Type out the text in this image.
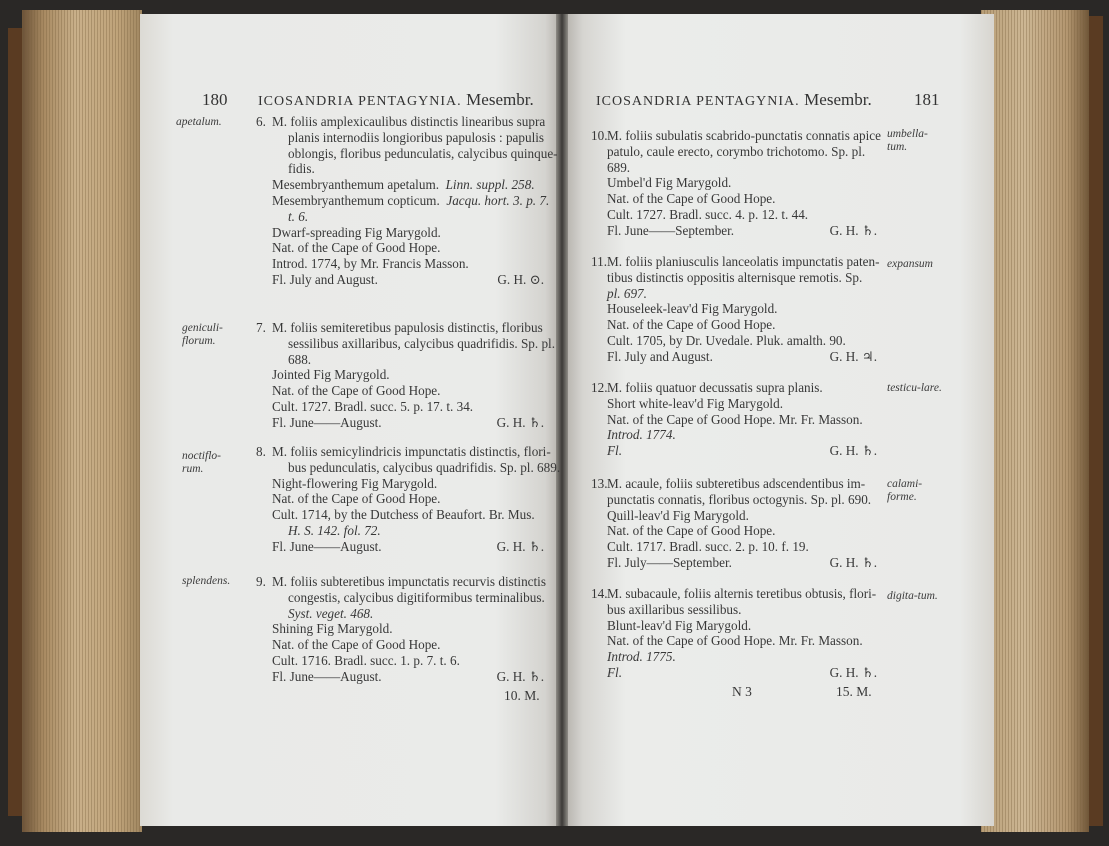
180 ICOSANDRIA PENTAGYNIA. Mesembr.	ICOSANDRIA PENTAGYNIA. Mesembr. 181
apetalum.	6. M. foliis amplexicaulibus distinctis linearibus supra
planis internodiis longioribus papulosis : papulis
oblongis, floribus pedunculatis, calycibus quinque-
fidis.
Mesembryanthemum apetalum. Linn. suppl. 258.
Mesembryanthemum copticum. Jacqu. hort. 3. p. 7.
t. 6.
Dwarf-spreading Fig Marygold.
Nat. of the Cape of Good Hope.
Introd. 1774, by Mr. Francis Masson.
Fl. July and August.	G. H. ⊙.
geniculi-florum.
7. M. foliis semiteretibus papulosis distinctis, floribus
sessilibus axillaribus, calycibus quadrifidis. Sp. pl.
688.
Jointed Fig Marygold.
Nat. of the Cape of Good Hope.
Cult. 1727. Bradl. succ. 5. p. 17. t. 34.
Fl. June——August.	G. H. ♄.
noctiflo-rum.
8. M. foliis semicylindricis impunctatis distinctis, flori-
bus pedunculatis, calycibus quadrifidis. Sp. pl. 689.
Night-flowering Fig Marygold.
Nat. of the Cape of Good Hope.
Cult. 1714, by the Dutchess of Beaufort. Br. Mus.
H. S. 142. fol. 72.
Fl. June——August.	G. H. ♄.
splendens.	9. M. foliis subteretibus impunctatis recurvis distinctis
congestis, calycibus digitiformibus terminalibus.
Syst. veget. 468.
Shining Fig Marygold.
Nat. of the Cape of Good Hope.
Cult. 1716. Bradl. succ. 1. p. 7. t. 6.
Fl. June——August.	G. H. ♄.
10. M.
10. M. foliis subulatis scabrido-punctatis connatis apice
patulo, caule erecto, corymbo trichotomo. Sp. pl.
689.
Umbel'd Fig Marygold.
Nat. of the Cape of Good Hope.
Cult. 1727. Bradl. succ. 4. p. 12. t. 44.
Fl. June——September.	G. H. ♄.
umbella-tum.
11. M. foliis planiusculis lanceolatis impunctatis paten-
tibus distinctis oppositis alternisque remotis. Sp.
pl. 697.
Houseleek-leav'd Fig Marygold.
Nat. of the Cape of Good Hope.
Cult. 1705, by Dr. Uvedale. Pluk. amalth. 90.
Fl. July and August.	G. H. ♃.
expansum
12. M. foliis quatuor decussatis supra planis.
Short white-leav'd Fig Marygold.
Nat. of the Cape of Good Hope. Mr. Fr. Masson.
Introd. 1774.
Fl.	G. H. ♄.
testicu-lare.
13. M. acaule, foliis subteretibus adscendentibus im-
punctatis connatis, floribus octogynis. Sp. pl. 690.
Quill-leav'd Fig Marygold.
Nat. of the Cape of Good Hope.
Cult. 1717. Bradl. succ. 2. p. 10. f. 19.
Fl. July——September.	G. H. ♄.
calami-forme.
14. M. subacaule, foliis alternis teretibus obtusis, flori-
bus axillaribus sessilibus.
Blunt-leav'd Fig Marygold.
Nat. of the Cape of Good Hope. Mr. Fr. Masson.
Introd. 1775.
Fl.	G. H. ♄.
digita-tum.
N 3	15. M.
